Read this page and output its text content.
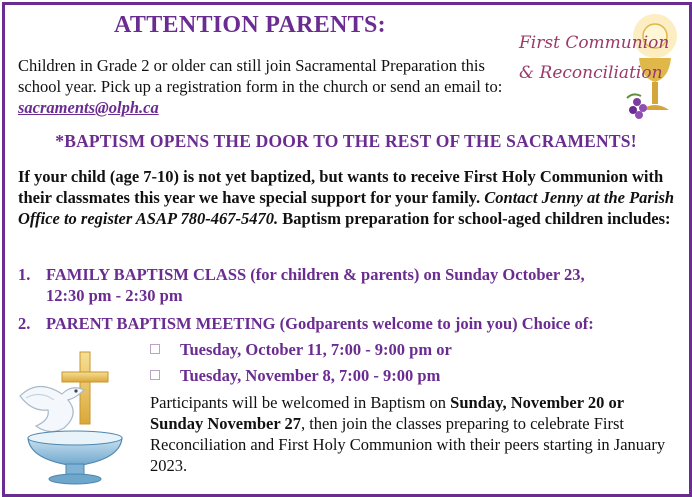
ATTENTION PARENTS:
Children in Grade 2 or older can still join Sacramental Preparation this school year. Pick up a registration form in the church or send an email to: sacraments@olph.ca
First Communion
& Reconciliation
*BAPTISM OPENS THE DOOR TO THE REST OF THE SACRAMENTS!
If your child (age 7-10) is not yet baptized, but wants to receive First Holy Communion with their classmates this year we have special support for your family. Contact Jenny at the Parish Office to register ASAP 780-467-5470. Baptism preparation for school-aged children includes:
1. FAMILY BAPTISM CLASS (for children & parents) on Sunday October 23,
12:30 pm - 2:30 pm
2. PARENT BAPTISM MEETING (Godparents welcome to join you) Choice of:
Tuesday, October 11, 7:00 - 9:00 pm or
Tuesday, November 8, 7:00 - 9:00 pm
Participants will be welcomed in Baptism on Sunday, November 20 or Sunday November 27, then join the classes preparing to celebrate First Reconciliation and First Holy Communion with their peers starting in January 2023.
